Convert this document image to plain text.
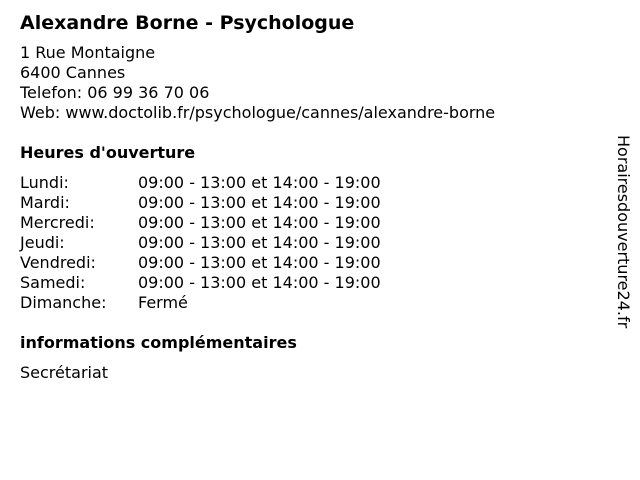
Alexandre Borne - Psychologue
1 Rue Montaigne
6400 Cannes
Telefon: 06 99 36 70 06
Web: www.doctolib.fr/psychologue/cannes/alexandre-borne
Heures d'ouverture
Lundi:	09:00 - 13:00 et 14:00 - 19:00
Mardi:	09:00 - 13:00 et 14:00 - 19:00
Mercredi:	09:00 - 13:00 et 14:00 - 19:00
Jeudi:	09:00 - 13:00 et 14:00 - 19:00
Vendredi:	09:00 - 13:00 et 14:00 - 19:00
Samedi:	09:00 - 13:00 et 14:00 - 19:00
Dimanche:	Fermé
informations complémentaires
Secrétariat
Horairesdouverture24.fr
